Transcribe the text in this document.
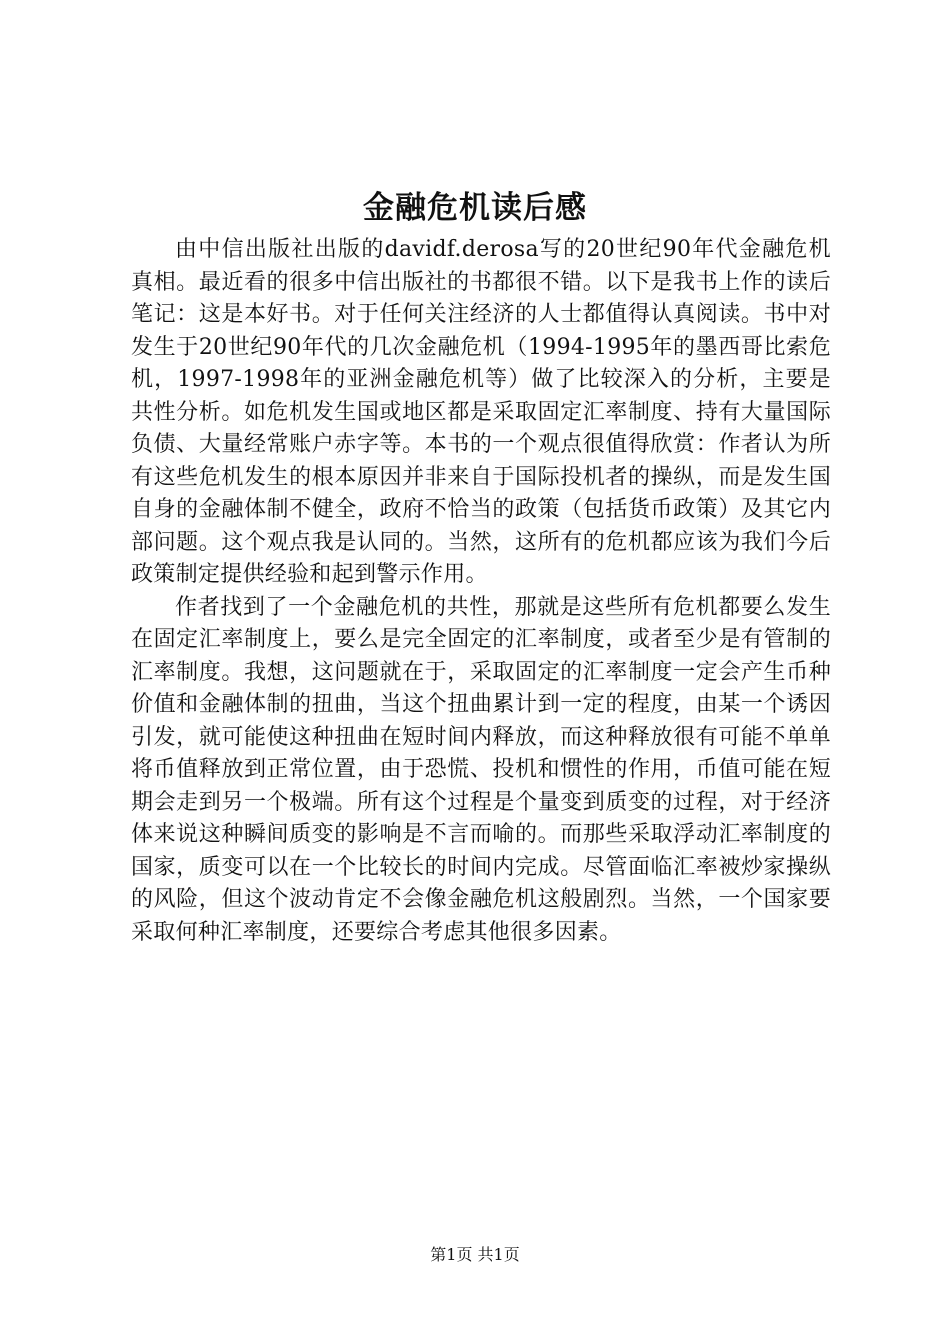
金融危机读后感

由中信出版社出版的davidf.derosa写的20世纪90年代金融危机真相。最近看的很多中信出版社的书都很不错。以下是我书上作的读后笔记：这是本好书。对于任何关注经济的人士都值得认真阅读。书中对发生于20世纪90年代的几次金融危机（1994-1995年的墨西哥比索危机，1997-1998年的亚洲金融危机等）做了比较深入的分析，主要是共性分析。如危机发生国或地区都是采取固定汇率制度、持有大量国际负债、大量经常账户赤字等。本书的一个观点很值得欣赏：作者认为所有这些危机发生的根本原因并非来自于国际投机者的操纵，而是发生国自身的金融体制不健全，政府不恰当的政策（包括货币政策）及其它内部问题。这个观点我是认同的。当然，这所有的危机都应该为我们今后政策制定提供经验和起到警示作用。

作者找到了一个金融危机的共性，那就是这些所有危机都要么发生在固定汇率制度上，要么是完全固定的汇率制度，或者至少是有管制的汇率制度。我想，这问题就在于，采取固定的汇率制度一定会产生币种价值和金融体制的扭曲，当这个扭曲累计到一定的程度，由某一个诱因引发，就可能使这种扭曲在短时间内释放，而这种释放很有可能不单单将币值释放到正常位置，由于恐慌、投机和惯性的作用，币值可能在短期会走到另一个极端。所有这个过程是个量变到质变的过程，对于经济体来说这种瞬间质变的影响是不言而喻的。而那些采取浮动汇率制度的国家，质变可以在一个比较长的时间内完成。尽管面临汇率被炒家操纵的风险，但这个波动肯定不会像金融危机这般剧烈。当然，一个国家要采取何种汇率制度，还要综合考虑其他很多因素。

第1页 共1页
